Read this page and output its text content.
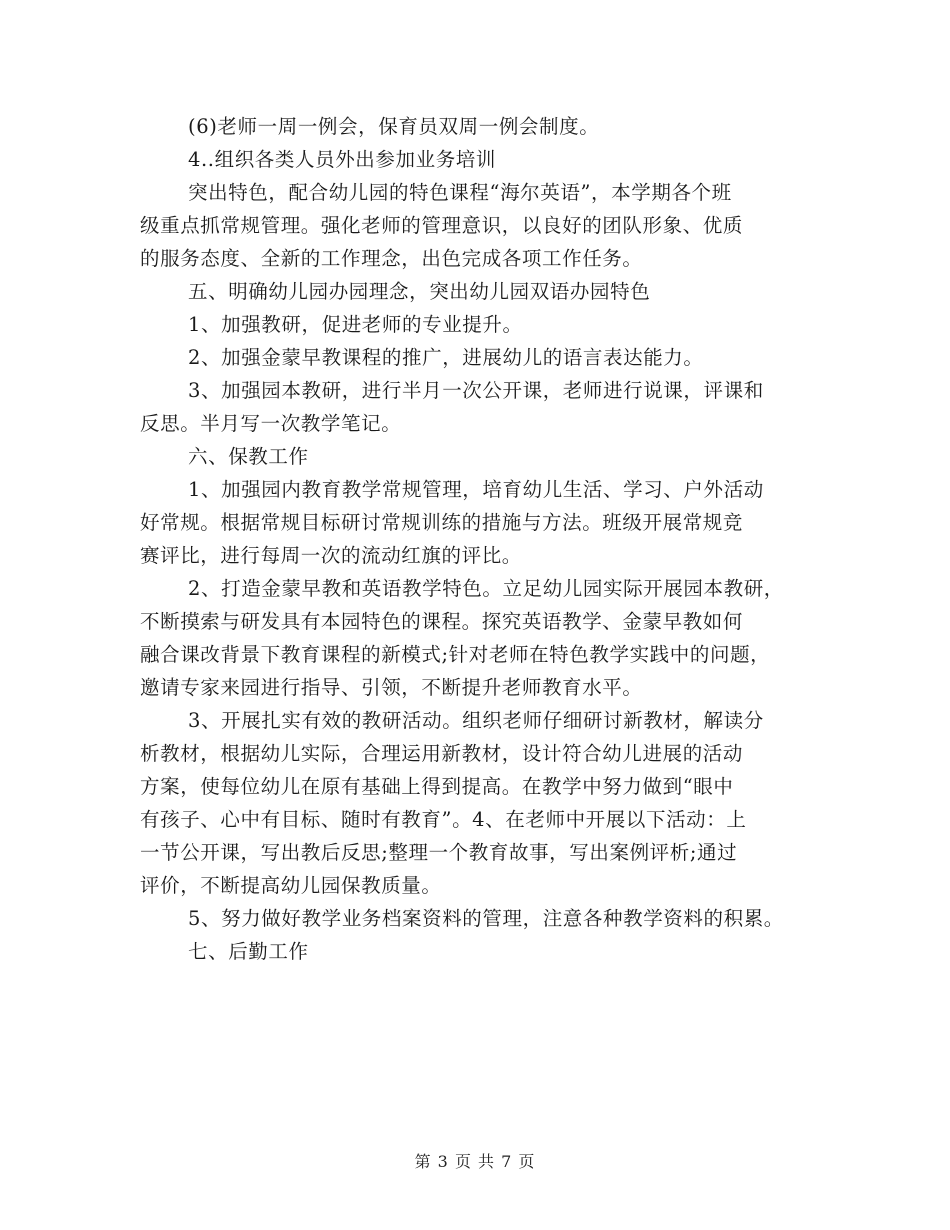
(6)老师一周一例会，保育员双周一例会制度。
4..组织各类人员外出参加业务培训
突出特色，配合幼儿园的特色课程“海尔英语”，本学期各个班
级重点抓常规管理。强化老师的管理意识，以良好的团队形象、优质
的服务态度、全新的工作理念，出色完成各项工作任务。
五、明确幼儿园办园理念，突出幼儿园双语办园特色
1、加强教研，促进老师的专业提升。
2、加强金蒙早教课程的推广，进展幼儿的语言表达能力。
3、加强园本教研，进行半月一次公开课，老师进行说课，评课和
反思。半月写一次教学笔记。
六、保教工作
1、加强园内教育教学常规管理，培育幼儿生活、学习、户外活动
好常规。根据常规目标研讨常规训练的措施与方法。班级开展常规竞
赛评比，进行每周一次的流动红旗的评比。
2、打造金蒙早教和英语教学特色。立足幼儿园实际开展园本教研，
不断摸索与研发具有本园特色的课程。探究英语教学、金蒙早教如何
融合课改背景下教育课程的新模式;针对老师在特色教学实践中的问题，
邀请专家来园进行指导、引领，不断提升老师教育水平。
3、开展扎实有效的教研活动。组织老师仔细研讨新教材，解读分
析教材，根据幼儿实际，合理运用新教材，设计符合幼儿进展的活动
方案，使每位幼儿在原有基础上得到提高。在教学中努力做到“眼中
有孩子、心中有目标、随时有教育”。4、在老师中开展以下活动：上
一节公开课，写出教后反思;整理一个教育故事，写出案例评析;通过
评价，不断提高幼儿园保教质量。
5、努力做好教学业务档案资料的管理，注意各种教学资料的积累。
七、后勤工作
第 3 页 共 7 页
